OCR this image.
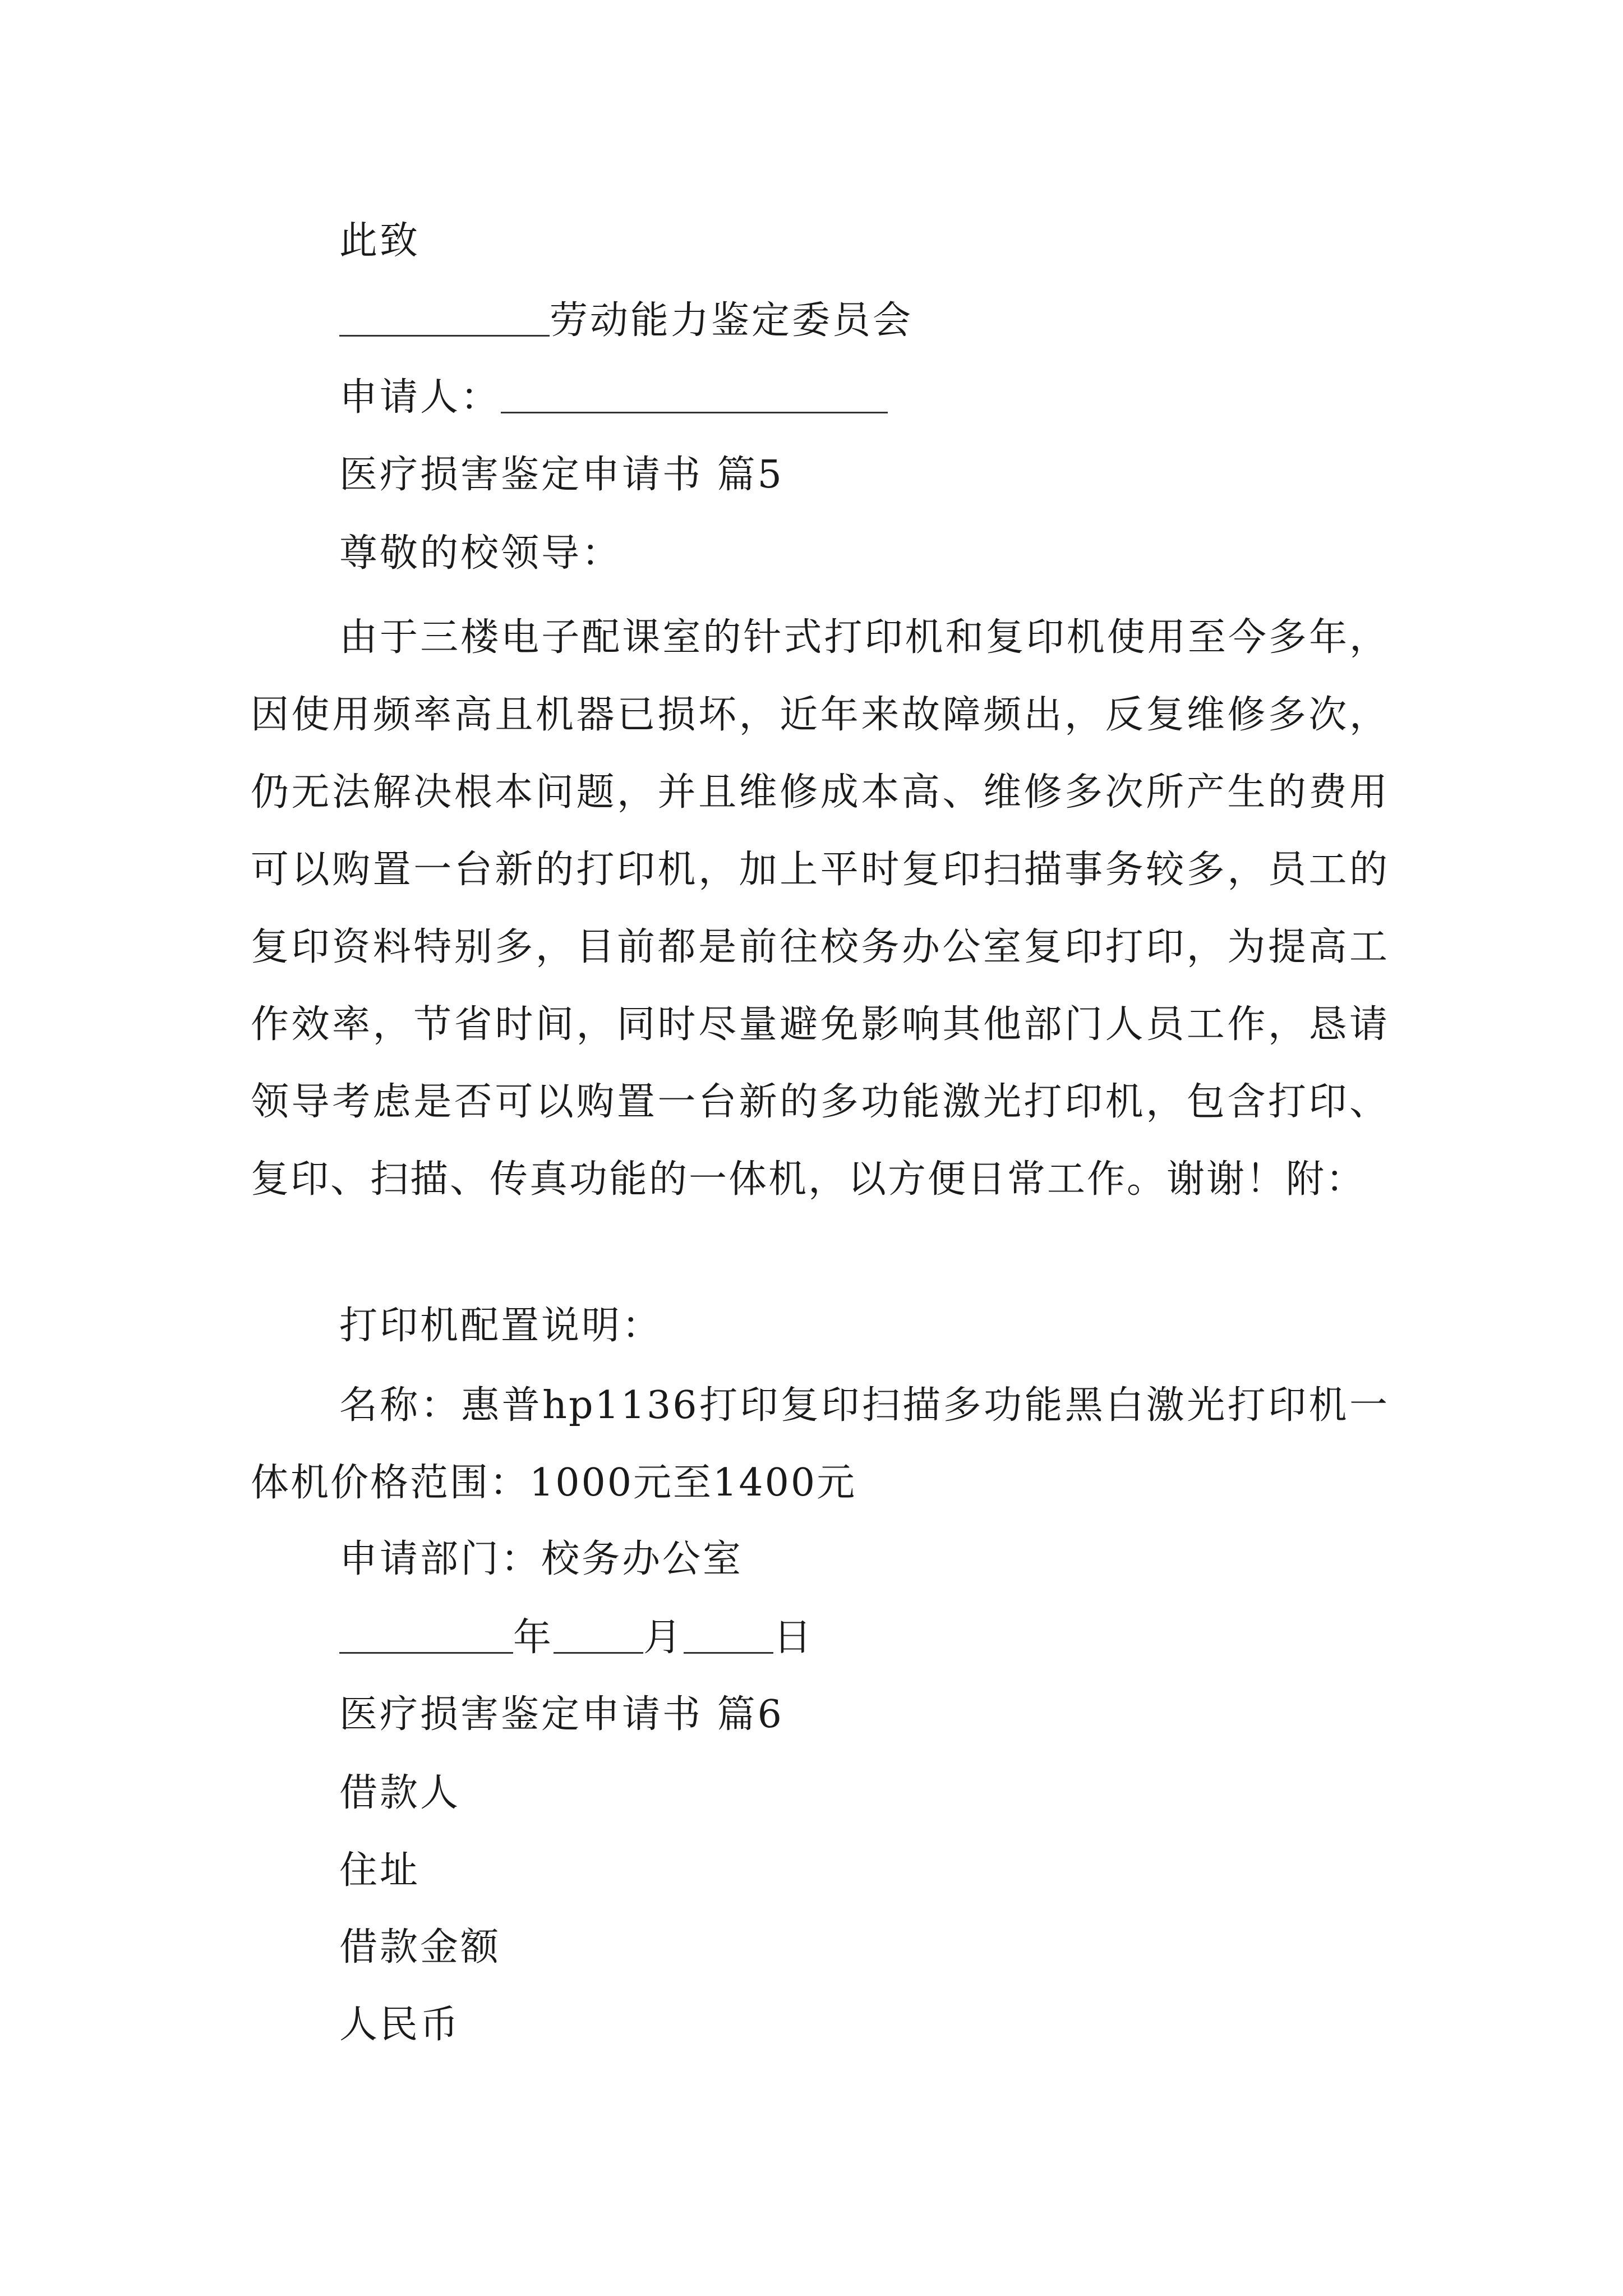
此致
劳动能力鉴定委员会
申请人：
医疗损害鉴定申请书 篇5
尊敬的校领导：
由于三楼电子配课室的针式打印机和复印机使用至今多年，因使用频率高且机器已损坏，近年来故障频出，反复维修多次，仍无法解决根本问题，并且维修成本高、维修多次所产生的费用可以购置一台新的打印机，加上平时复印扫描事务较多，员工的复印资料特别多，目前都是前往校务办公室复印打印，为提高工作效率，节省时间，同时尽量避免影响其他部门人员工作，恳请领导考虑是否可以购置一台新的多功能激光打印机，包含打印、复印、扫描、传真功能的一体机，以方便日常工作。谢谢！附：
打印机配置说明：
名称：惠普hp1136打印复印扫描多功能黑白激光打印机一体机价格范围：1000元至1400元
申请部门：校务办公室
年 月 日
医疗损害鉴定申请书 篇6
借款人
住址
借款金额
人民币
